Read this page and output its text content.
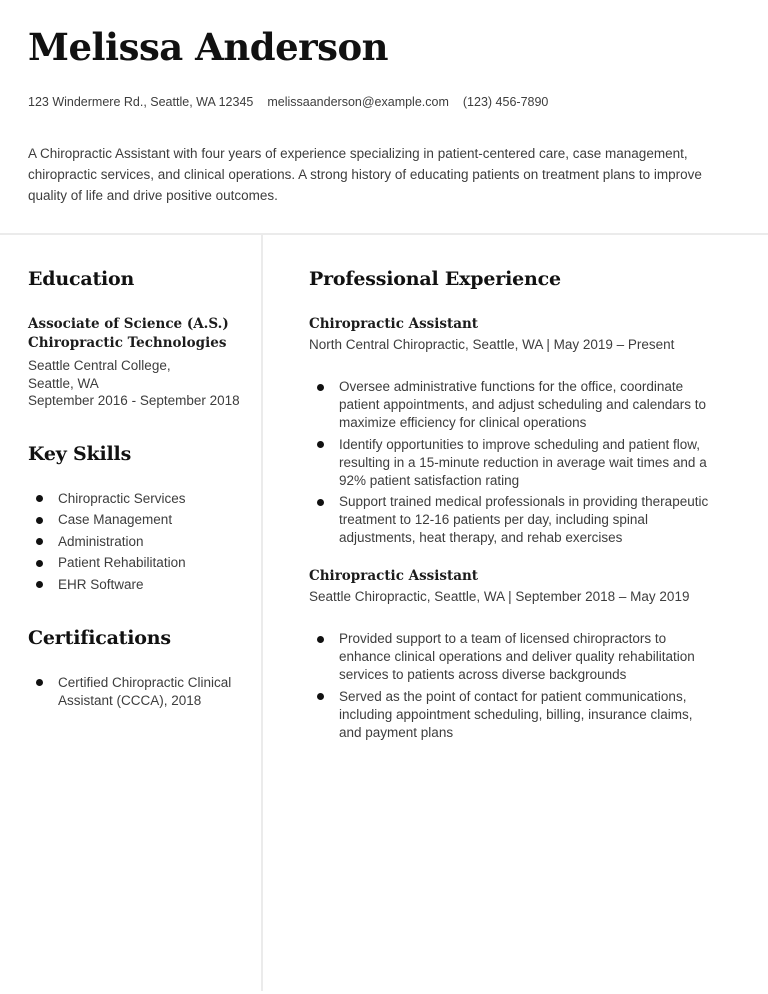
Melissa Anderson
123 Windermere Rd., Seattle, WA 12345 melissaanderson@example.com (123) 456-7890
A Chiropractic Assistant with four years of experience specializing in patient-centered care, case management, chiropractic services, and clinical operations. A strong history of educating patients on treatment plans to improve quality of life and drive positive outcomes.
Education
Associate of Science (A.S.) Chiropractic Technologies
Seattle Central College,
Seattle, WA
September 2016 - September 2018
Key Skills
Chiropractic Services
Case Management
Administration
Patient Rehabilitation
EHR Software
Certifications
Certified Chiropractic Clinical Assistant (CCCA), 2018
Professional Experience
Chiropractic Assistant
North Central Chiropractic, Seattle, WA | May 2019 – Present
Oversee administrative functions for the office, coordinate patient appointments, and adjust scheduling and calendars to maximize efficiency for clinical operations
Identify opportunities to improve scheduling and patient flow, resulting in a 15-minute reduction in average wait times and a 92% patient satisfaction rating
Support trained medical professionals in providing therapeutic treatment to 12-16 patients per day, including spinal adjustments, heat therapy, and rehab exercises
Chiropractic Assistant
Seattle Chiropractic, Seattle, WA | September 2018 – May 2019
Provided support to a team of licensed chiropractors to enhance clinical operations and deliver quality rehabilitation services to patients across diverse backgrounds
Served as the point of contact for patient communications, including appointment scheduling, billing, insurance claims, and payment plans
